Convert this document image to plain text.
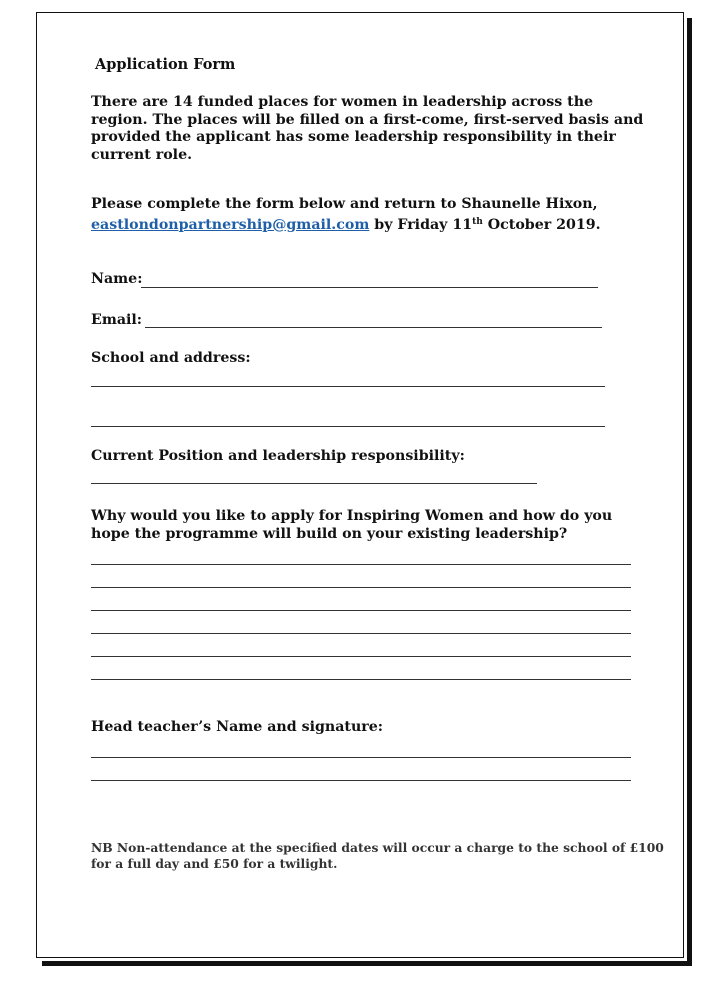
Application Form
There are 14 funded places for women in leadership across the
region. The places will be filled on a first-come, first-served basis and
provided the applicant has some leadership responsibility in their
current role.
Please complete the form below and return to Shaunelle Hixon,
eastlondonpartnership@gmail.com by Friday 11th October 2019.
Name:
Email:
School and address:
Current Position and leadership responsibility:
Why would you like to apply for Inspiring Women and how do you
hope the programme will build on your existing leadership?
Head teacher’s Name and signature:
NB Non-attendance at the specified dates will occur a charge to the school of £100
for a full day and £50 for a twilight.
